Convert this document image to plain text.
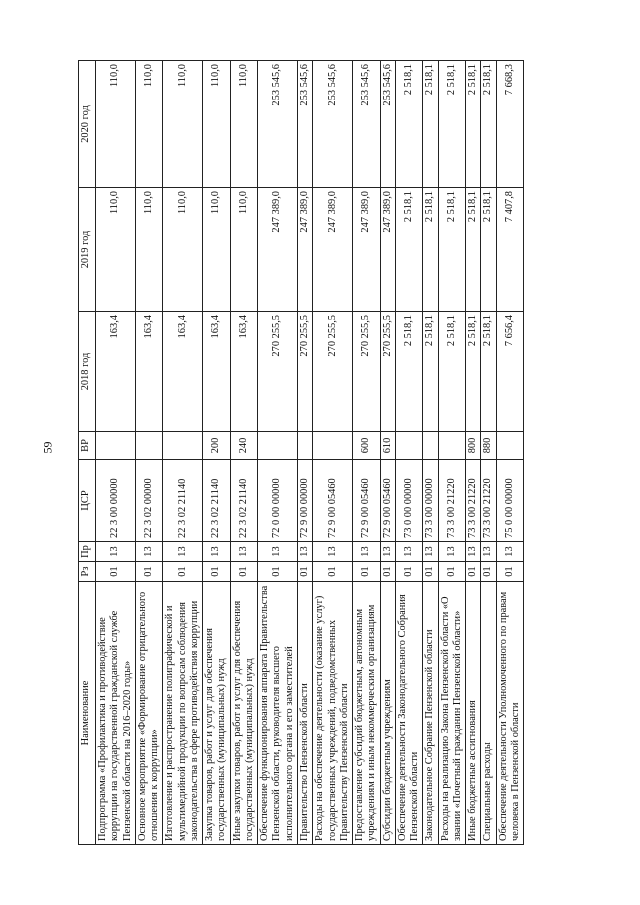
59
Наименование	Рз	Пр	ЦСР	ВР	2018 год	2019 год	2020 год
Подпрограмма «Профилактика и противодействие коррупции на государственной гражданской службе Пензенской области на 2016–2020 годы»	01	13	22 3 00 00000		163,4	110,0	110,0
Основное мероприятие «Формирование отрицательного отношения к коррупции»	01	13	22 3 02 00000		163,4	110,0	110,0
Изготовление и распространение полиграфической и мультимедийной продукции по вопросам соблюдения законодательства в сфере противодействия коррупции	01	13	22 3 02 21140		163,4	110,0	110,0
Закупка товаров, работ и услуг для обеспечения государственных (муниципальных) нужд	01	13	22 3 02 21140	200	163,4	110,0	110,0
Иные закупки товаров, работ и услуг для обеспечения государственных (муниципальных) нужд	01	13	22 3 02 21140	240	163,4	110,0	110,0
Обеспечение функционирования аппарата Правительства Пензенской области, руководителя высшего исполнительного органа и его заместителей	01	13	72 0 00 00000		270 255,5	247 389,0	253 545,6
Правительство Пензенской области	01	13	72 9 00 00000		270 255,5	247 389,0	253 545,6
Расходы на обеспечение деятельности (оказание услуг) государственных учреждений, подведомственных Правительству Пензенской области	01	13	72 9 00 05460		270 255,5	247 389,0	253 545,6
Предоставление субсидий бюджетным, автономным учреждениям и иным некоммерческим организациям	01	13	72 9 00 05460	600	270 255,5	247 389,0	253 545,6
Субсидии бюджетным учреждениям	01	13	72 9 00 05460	610	270 255,5	247 389,0	253 545,6
Обеспечение деятельности Законодательного Собрания Пензенской области	01	13	73 0 00 00000		2 518,1	2 518,1	2 518,1
Законодательное Собрание Пензенской области	01	13	73 3 00 00000		2 518,1	2 518,1	2 518,1
Расходы на реализацию Закона Пензенской области «О звании «Почетный гражданин Пензенской области»	01	13	73 3 00 21220		2 518,1	2 518,1	2 518,1
Иные бюджетные ассигнования	01	13	73 3 00 21220	800	2 518,1	2 518,1	2 518,1
Специальные расходы	01	13	73 3 00 21220	880	2 518,1	2 518,1	2 518,1
Обеспечение деятельности Уполномоченного по правам человека в Пензенской области	01	13	75 0 00 00000		7 656,4	7 407,8	7 668,3
